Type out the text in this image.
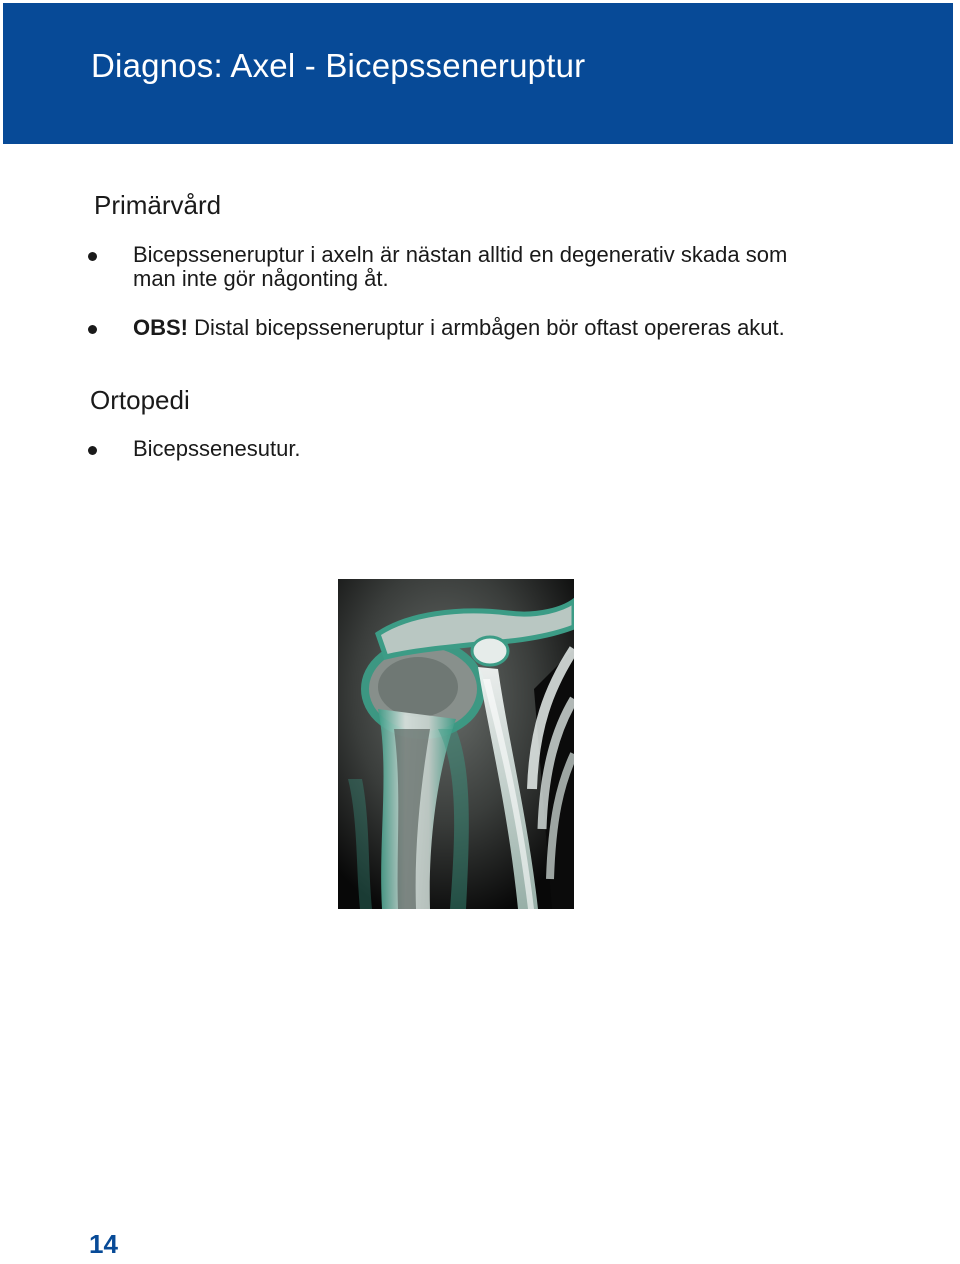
Diagnos: Axel - Bicepsseneruptur
Primärvård
Bicepsseneruptur i axeln är nästan alltid en degenerativ skada som man inte gör någonting åt.
OBS! Distal bicepsseneruptur i armbågen bör oftast opereras akut.
Ortopedi
Bicepssenesutur.
14
